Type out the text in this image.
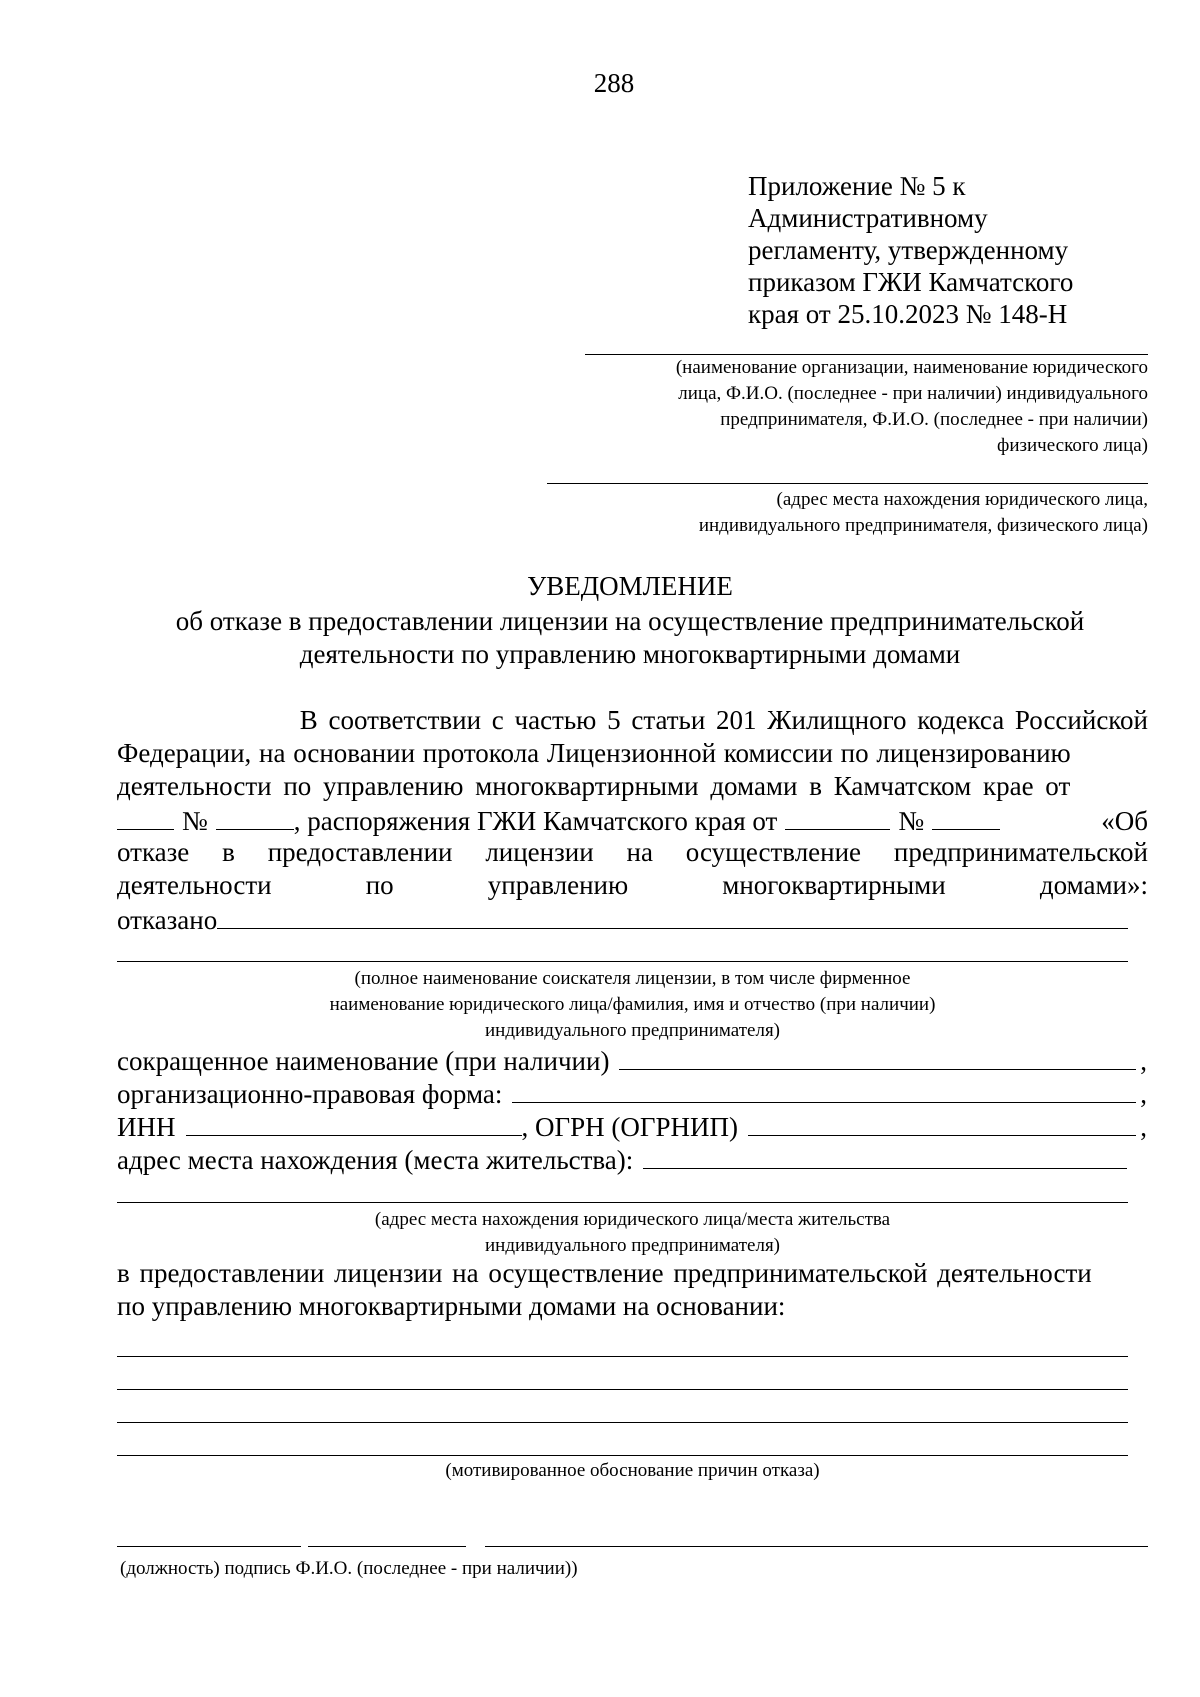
288
Приложение № 5 к
Административному
регламенту, утвержденному
приказом ГЖИ Камчатского
края от 25.10.2023 № 148-Н
(наименование организации, наименование юридического
лица, Ф.И.О. (последнее - при наличии) индивидуального
предпринимателя, Ф.И.О. (последнее - при наличии)
физического лица)
(адрес места нахождения юридического лица,
индивидуального предпринимателя, физического лица)
УВЕДОМЛЕНИЕ
об отказе в предоставлении лицензии на осуществление предпринимательской
деятельности по управлению многоквартирными домами
В соответствии с частью 5 статьи 201 Жилищного кодекса Российской
Федерации, на основании протокола Лицензионной комиссии по лицензированию
деятельности по управлению многоквартирными домами в Камчатском крае от
№	, распоряжения ГЖИ Камчатского края от	№	«Об
отказе в предоставлении лицензии на осуществление предпринимательской
деятельности	по	управлению	многоквартирными	домами»:
отказано
(полное наименование соискателя лицензии, в том числе фирменное
наименование юридического лица/фамилия, имя и отчество (при наличии)
индивидуального предпринимателя)
сокращенное наименование (при наличии)	,
организационно-правовая форма:	,
ИНН	, ОГРН (ОГРНИП)	,
адрес места нахождения (места жительства):
(адрес места нахождения юридического лица/места жительства
индивидуального предпринимателя)
в предоставлении лицензии на осуществление предпринимательской деятельности
по управлению многоквартирными домами на основании:
(мотивированное обоснование причин отказа)
(должность) подпись Ф.И.О. (последнее - при наличии))
